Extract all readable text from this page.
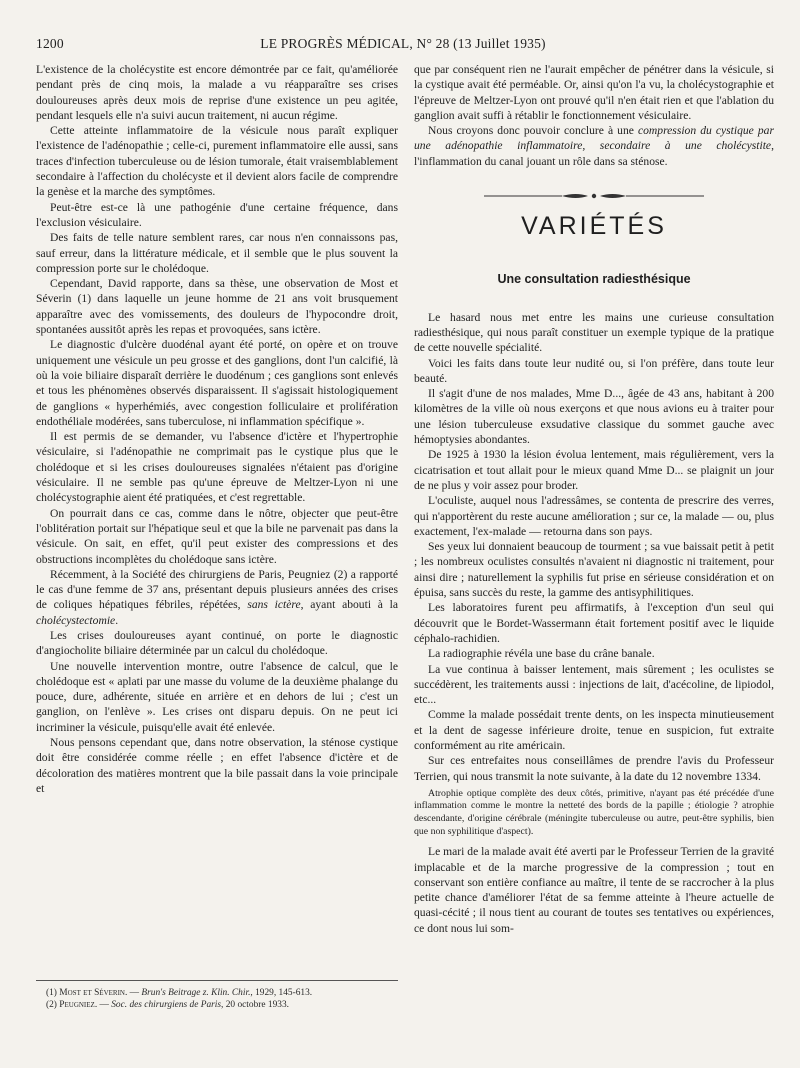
1200	LE PROGRÈS MÉDICAL, N° 28 (13 Juillet 1935)

L'existence de la cholécystite est encore démontrée par ce fait, qu'améliorée pendant près de cinq mois, la malade a vu réapparaître ses crises douloureuses après deux mois de reprise d'une existence un peu agitée, pendant lesquels elle n'a suivi aucun traitement, ni aucun régime.

Cette atteinte inflammatoire de la vésicule nous paraît expliquer l'existence de l'adénopathie ; celle-ci, purement inflammatoire elle aussi, sans traces d'infection tuberculeuse ou de lésion tumorale, était vraisemblablement secondaire à l'affection du cholécyste et il devient alors facile de comprendre la genèse et la marche des symptômes.

Peut-être est-ce là une pathogénie d'une certaine fréquence, dans l'exclusion vésiculaire.

Des faits de telle nature semblent rares, car nous n'en connaissons pas, sauf erreur, dans la littérature médicale, et il semble que le plus souvent la compression porte sur le cholédoque.

Cependant, David rapporte, dans sa thèse, une observation de Most et Séverin (1) dans laquelle un jeune homme de 21 ans voit brusquement apparaître avec des vomissements, des douleurs de l'hypocondre droit, spontanées aussitôt après les repas et provoquées, sans ictère.

Le diagnostic d'ulcère duodénal ayant été porté, on opère et on trouve uniquement une vésicule un peu grosse et des ganglions, dont l'un calcifié, là où la voie biliaire disparaît derrière le duodénum ; ces ganglions sont enlevés et tous les phénomènes observés disparaissent. Il s'agissait histologiquement de ganglions « hyperhémiés, avec congestion folliculaire et prolifération endothéliale modérées, sans tuberculose, ni inflammation spécifique ».

Il est permis de se demander, vu l'absence d'ictère et l'hypertrophie vésiculaire, si l'adénopathie ne comprimait pas le cystique plus que le cholédoque et si les crises douloureuses signalées n'étaient pas d'origine vésiculaire. Il ne semble pas qu'une épreuve de Meltzer-Lyon ni une cholécystographie aient été pratiquées, et c'est regrettable.

On pourrait dans ce cas, comme dans le nôtre, objecter que peut-être l'oblitération portait sur l'hépatique seul et que la bile ne parvenait pas dans la vésicule. On sait, en effet, qu'il peut exister des compressions et des obstructions incomplètes du cholédoque sans ictère.

Récemment, à la Société des chirurgiens de Paris, Peugniez (2) a rapporté le cas d'une femme de 37 ans, présentant depuis plusieurs années des crises de coliques hépatiques fébriles, répétées, sans ictère, ayant abouti à la cholécystectomie.

Les crises douloureuses ayant continué, on porte le diagnostic d'angiocholite biliaire déterminée par un calcul du cholédoque.

Une nouvelle intervention montre, outre l'absence de calcul, que le cholédoque est « aplati par une masse du volume de la deuxième phalange du pouce, dure, adhérente, située en arrière et en dehors de lui ; c'est un ganglion, on l'enlève ». Les crises ont disparu depuis. On ne peut ici incriminer la vésicule, puisqu'elle avait été enlevée.

Nous pensons cependant que, dans notre observation, la sténose cystique doit être considérée comme réelle ; en effet l'absence d'ictère et de décoloration des matières montrent que la bile passait dans la voie principale et

que par conséquent rien ne l'aurait empêcher de pénétrer dans la vésicule, si la cystique avait été perméable. Or, ainsi qu'on l'a vu, la cholécystographie et l'épreuve de Meltzer-Lyon ont prouvé qu'il n'en était rien et que l'ablation du ganglion avait suffi à rétablir le fonctionnement vésiculaire.

Nous croyons donc pouvoir conclure à une compression du cystique par une adénopathie inflammatoire, secondaire à une cholécystite, l'inflammation du canal jouant un rôle dans sa sténose.

VARIÉTÉS
Une consultation radiesthésique

Le hasard nous met entre les mains une curieuse consultation radiesthésique, qui nous paraît constituer un exemple typique de la pratique de cette nouvelle spécialité.

Voici les faits dans toute leur nudité ou, si l'on préfère, dans toute leur beauté.

Il s'agit d'une de nos malades, Mme D..., âgée de 43 ans, habitant à 200 kilomètres de la ville où nous exerçons et que nous avions eu à traiter pour une lésion tuberculeuse exsudative classique du sommet gauche avec hémoptysies abondantes.

De 1925 à 1930 la lésion évolua lentement, mais régulièrement, vers la cicatrisation et tout allait pour le mieux quand Mme D... se plaignit un jour de ne plus y voir assez pour broder.

L'oculiste, auquel nous l'adressâmes, se contenta de prescrire des verres, qui n'apportèrent du reste aucune amélioration ; sur ce, la malade — ou, plus exactement, l'ex-malade — retourna dans son pays.

Ses yeux lui donnaient beaucoup de tourment ; sa vue baissait petit à petit ; les nombreux oculistes consultés n'avaient ni diagnostic ni traitement, pour ainsi dire ; naturellement la syphilis fut prise en sérieuse considération et on épuisa, sans succès du reste, la gamme des antisyphilitiques.

Les laboratoires furent peu affirmatifs, à l'exception d'un seul qui découvrit que le Bordet-Wassermann était fortement positif avec le liquide céphalo-rachidien.

La radiographie révéla une base du crâne banale.

La vue continua à baisser lentement, mais sûrement ; les oculistes se succédèrent, les traitements aussi : injections de lait, d'acécoline, de lipiodol, etc...

Comme la malade possédait trente dents, on les inspecta minutieusement et la dent de sagesse inférieure droite, tenue en suspicion, fut extraite conformément au rite américain.

Sur ces entrefaites nous conseillâmes de prendre l'avis du Professeur Terrien, qui nous transmit la note suivante, à la date du 12 novembre 1334.

Atrophie optique complète des deux côtés, primitive, n'ayant pas été précédée d'une inflammation comme le montre la netteté des bords de la papille ; étiologie ? atrophie descendante, d'origine cérébrale (méningite tuberculeuse ou autre, peut-être syphilis, bien que non syphilitique d'aspect).

Le mari de la malade avait été averti par le Professeur Terrien de la gravité implacable et de la marche progressive de la compression ; tout en conservant son entière confiance au maître, il tente de se raccrocher à la plus petite chance d'améliorer l'état de sa femme atteinte à l'heure actuelle de quasi-cécité ; il nous tient au courant de toutes ses tentatives ou expériences, ce dont nous lui som-

(1) Most et Séverin. — Brun's Beitrage z. Klin. Chir., 1929, 145-613.
(2) Peugniez. — Soc. des chirurgiens de Paris, 20 octobre 1933.
